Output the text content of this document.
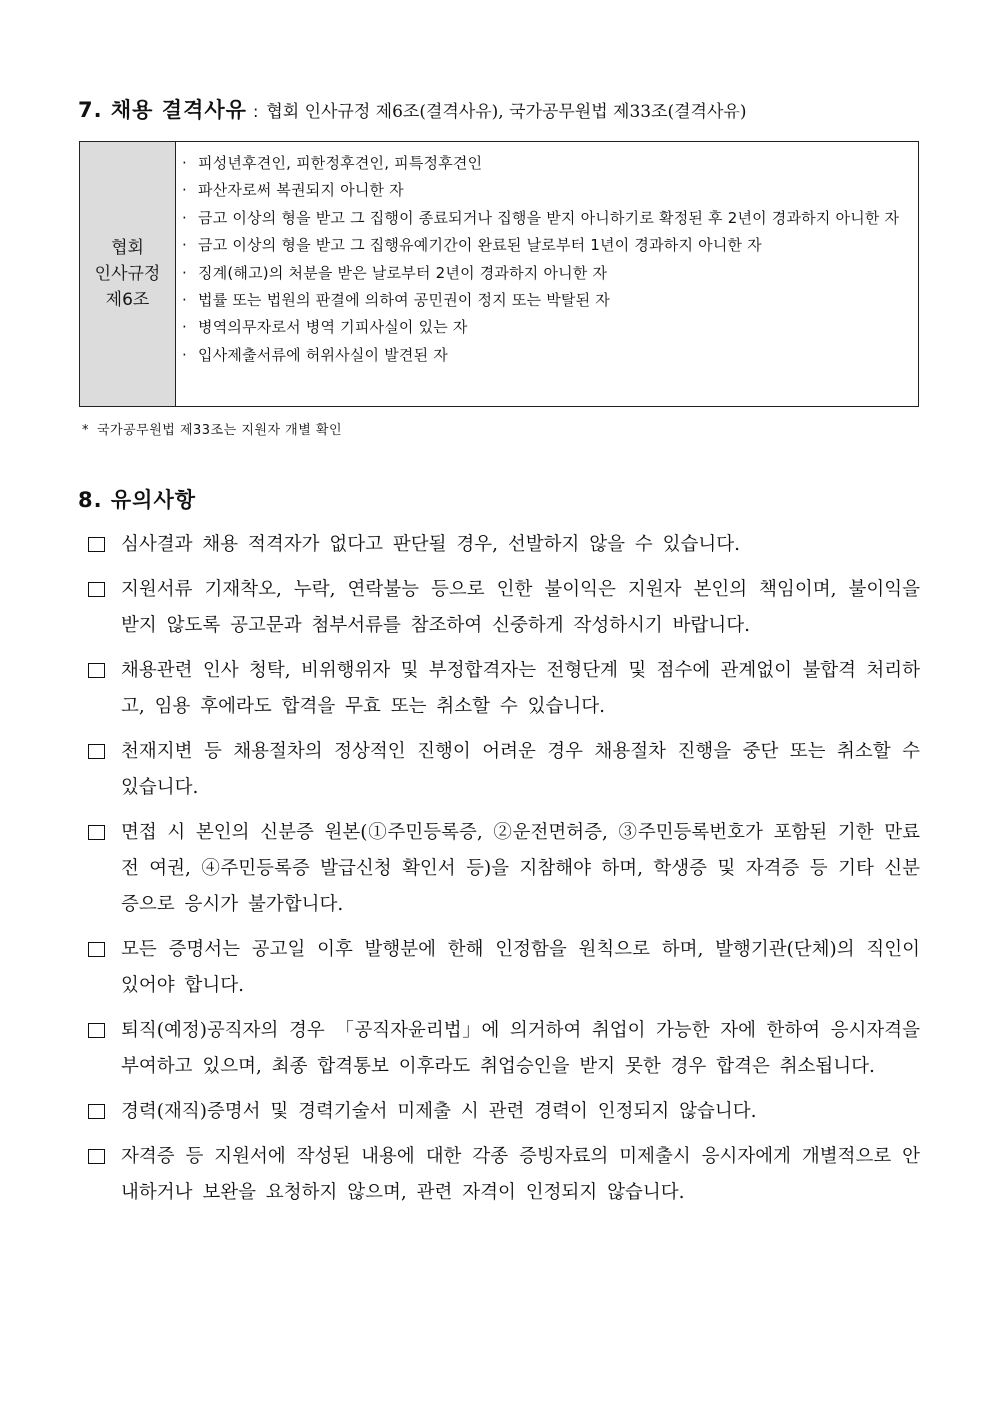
7. 채용 결격사유 : 협회 인사규정 제6조(결격사유), 국가공무원법 제33조(결격사유)
협회
인사규정
제6조
· 피성년후견인, 피한정후견인, 피특정후견인
· 파산자로써 복권되지 아니한 자
· 금고 이상의 형을 받고 그 집행이 종료되거나 집행을 받지 아니하기로 확정된 후 2년이 경과하지 아니한 자
· 금고 이상의 형을 받고 그 집행유예기간이 완료된 날로부터 1년이 경과하지 아니한 자
· 징계(해고)의 처분을 받은 날로부터 2년이 경과하지 아니한 자
· 법률 또는 법원의 판결에 의하여 공민권이 정지 또는 박탈된 자
· 병역의무자로서 병역 기피사실이 있는 자
· 입사제출서류에 허위사실이 발견된 자
* 국가공무원법 제33조는 지원자 개별 확인
8. 유의사항
심사결과 채용 적격자가 없다고 판단될 경우, 선발하지 않을 수 있습니다.
지원서류 기재착오, 누락, 연락불능 등으로 인한 불이익은 지원자 본인의 책임이며, 불이익을 받지 않도록 공고문과 첨부서류를 참조하여 신중하게 작성하시기 바랍니다.
채용관련 인사 청탁, 비위행위자 및 부정합격자는 전형단계 및 점수에 관계없이 불합격 처리하고, 임용 후에라도 합격을 무효 또는 취소할 수 있습니다.
천재지변 등 채용절차의 정상적인 진행이 어려운 경우 채용절차 진행을 중단 또는 취소할 수 있습니다.
면접 시 본인의 신분증 원본(①주민등록증, ②운전면허증, ③주민등록번호가 포함된 기한 만료 전 여권, ④주민등록증 발급신청 확인서 등)을 지참해야 하며, 학생증 및 자격증 등 기타 신분증으로 응시가 불가합니다.
모든 증명서는 공고일 이후 발행분에 한해 인정함을 원칙으로 하며, 발행기관(단체)의 직인이 있어야 합니다.
퇴직(예정)공직자의 경우 「공직자윤리법」에 의거하여 취업이 가능한 자에 한하여 응시자격을 부여하고 있으며, 최종 합격통보 이후라도 취업승인을 받지 못한 경우 합격은 취소됩니다.
경력(재직)증명서 및 경력기술서 미제출 시 관련 경력이 인정되지 않습니다.
자격증 등 지원서에 작성된 내용에 대한 각종 증빙자료의 미제출시 응시자에게 개별적으로 안내하거나 보완을 요청하지 않으며, 관련 자격이 인정되지 않습니다.
